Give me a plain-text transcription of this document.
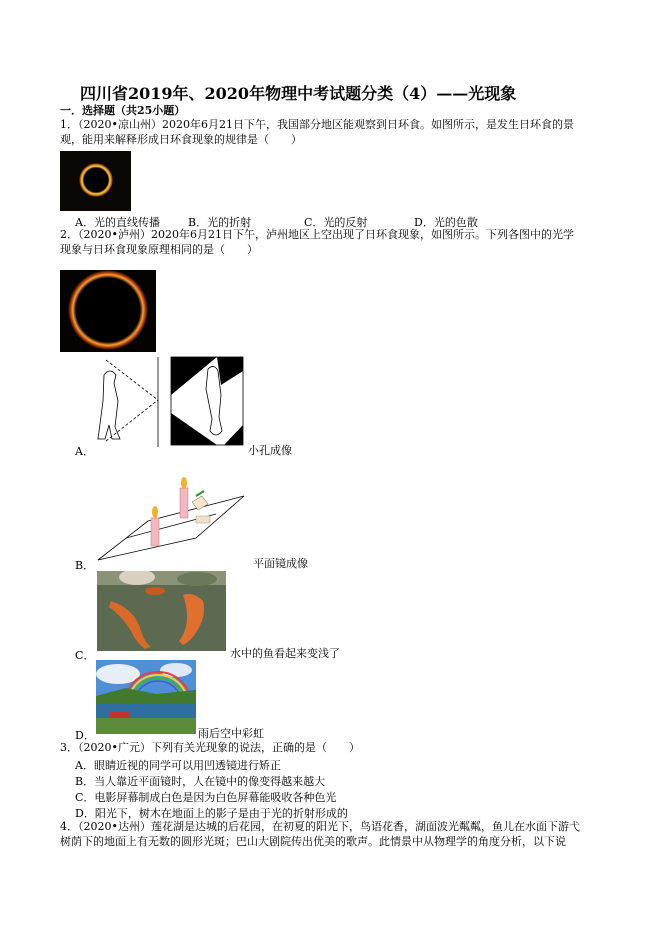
四川省2019年、2020年物理中考试题分类（4）——光现象
一．选择题（共25小题）
1．（2020•凉山州）2020年6月21日下午，我国部分地区能观察到日环食。如图所示，是发生日环食的景
观，能用来解释形成日环食现象的规律是（　　）
A．光的直线传播	B．光的折射	C．光的反射	D．光的色散
2．（2020•泸州）2020年6月21日下午，泸州地区上空出现了日环食现象，如图所示。下列各图中的光学
现象与日环食现象原理相同的是（　　）
A．	小孔成像
B．	平面镜成像
C．	水中的鱼看起来变浅了
D．	雨后空中彩虹
3．（2020•广元）下列有关光现象的说法，正确的是（　　）
A．眼睛近视的同学可以用凹透镜进行矫正
B．当人靠近平面镜时，人在镜中的像变得越来越大
C．电影屏幕制成白色是因为白色屏幕能吸收各种色光
D．阳光下，树木在地面上的影子是由于光的折射形成的
4．（2020•达州）莲花湖是达城的后花园，在初夏的阳光下，鸟语花香，湖面波光粼粼，鱼儿在水面下游弋
树荫下的地面上有无数的圆形光斑；巴山大剧院传出优美的歌声。此情景中从物理学的角度分析，以下说
